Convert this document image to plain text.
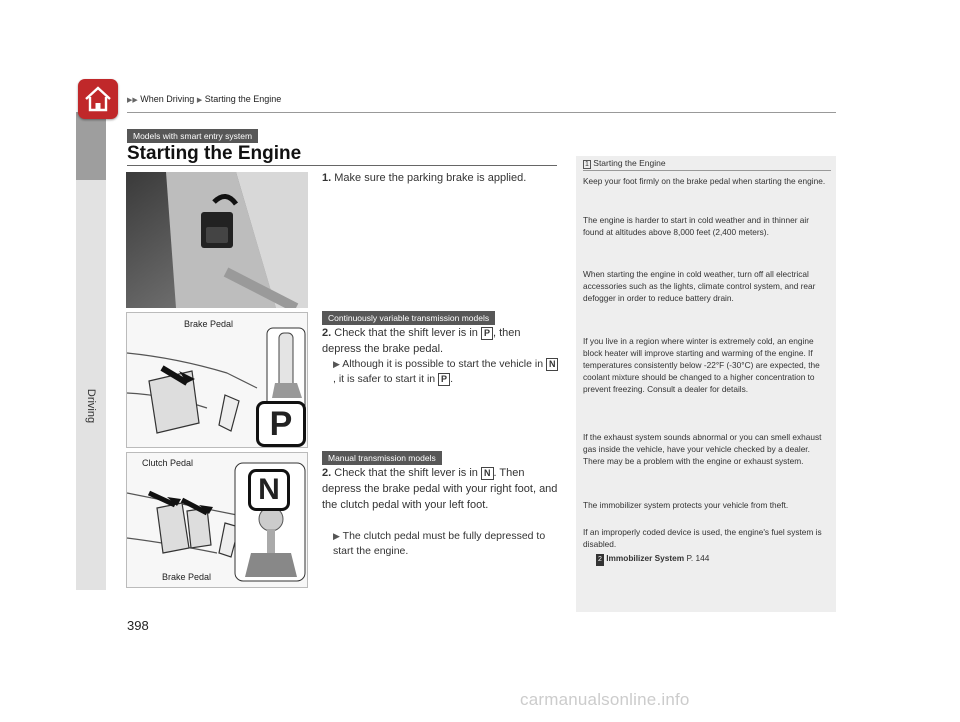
Driving
▶▶ When Driving ▶ Starting the Engine
Models with smart entry system
Starting the Engine
1. Make sure the parking brake is applied.
Brake Pedal
P
Continuously variable transmission models
2. Check that the shift lever is in P , then depress the brake pedal.
▶ Although it is possible to start the vehicle in N, it is safer to start it in P .
Clutch Pedal
Brake Pedal
N
Manual transmission models
2. Check that the shift lever is in N . Then depress the brake pedal with your right foot, and the clutch pedal with your left foot.
▶ The clutch pedal must be fully depressed to start the engine.
1 Starting the Engine
Keep your foot firmly on the brake pedal when starting the engine.
The engine is harder to start in cold weather and in thinner air found at altitudes above 8,000 feet (2,400 meters).
When starting the engine in cold weather, turn off all electrical accessories such as the lights, climate control system, and rear defogger in order to reduce battery drain.
If you live in a region where winter is extremely cold, an engine block heater will improve starting and warming of the engine. If temperatures consistently below -22°F (-30°C) are expected, the coolant mixture should be changed to a higher concentration to prevent freezing. Consult a dealer for details.
If the exhaust system sounds abnormal or you can smell exhaust gas inside the vehicle, have your vehicle checked by a dealer. There may be a problem with the engine or exhaust system.
The immobilizer system protects your vehicle from theft.
If an improperly coded device is used, the engine's fuel system is disabled.
2 Immobilizer System P. 144
398
carmanualsonline.info
